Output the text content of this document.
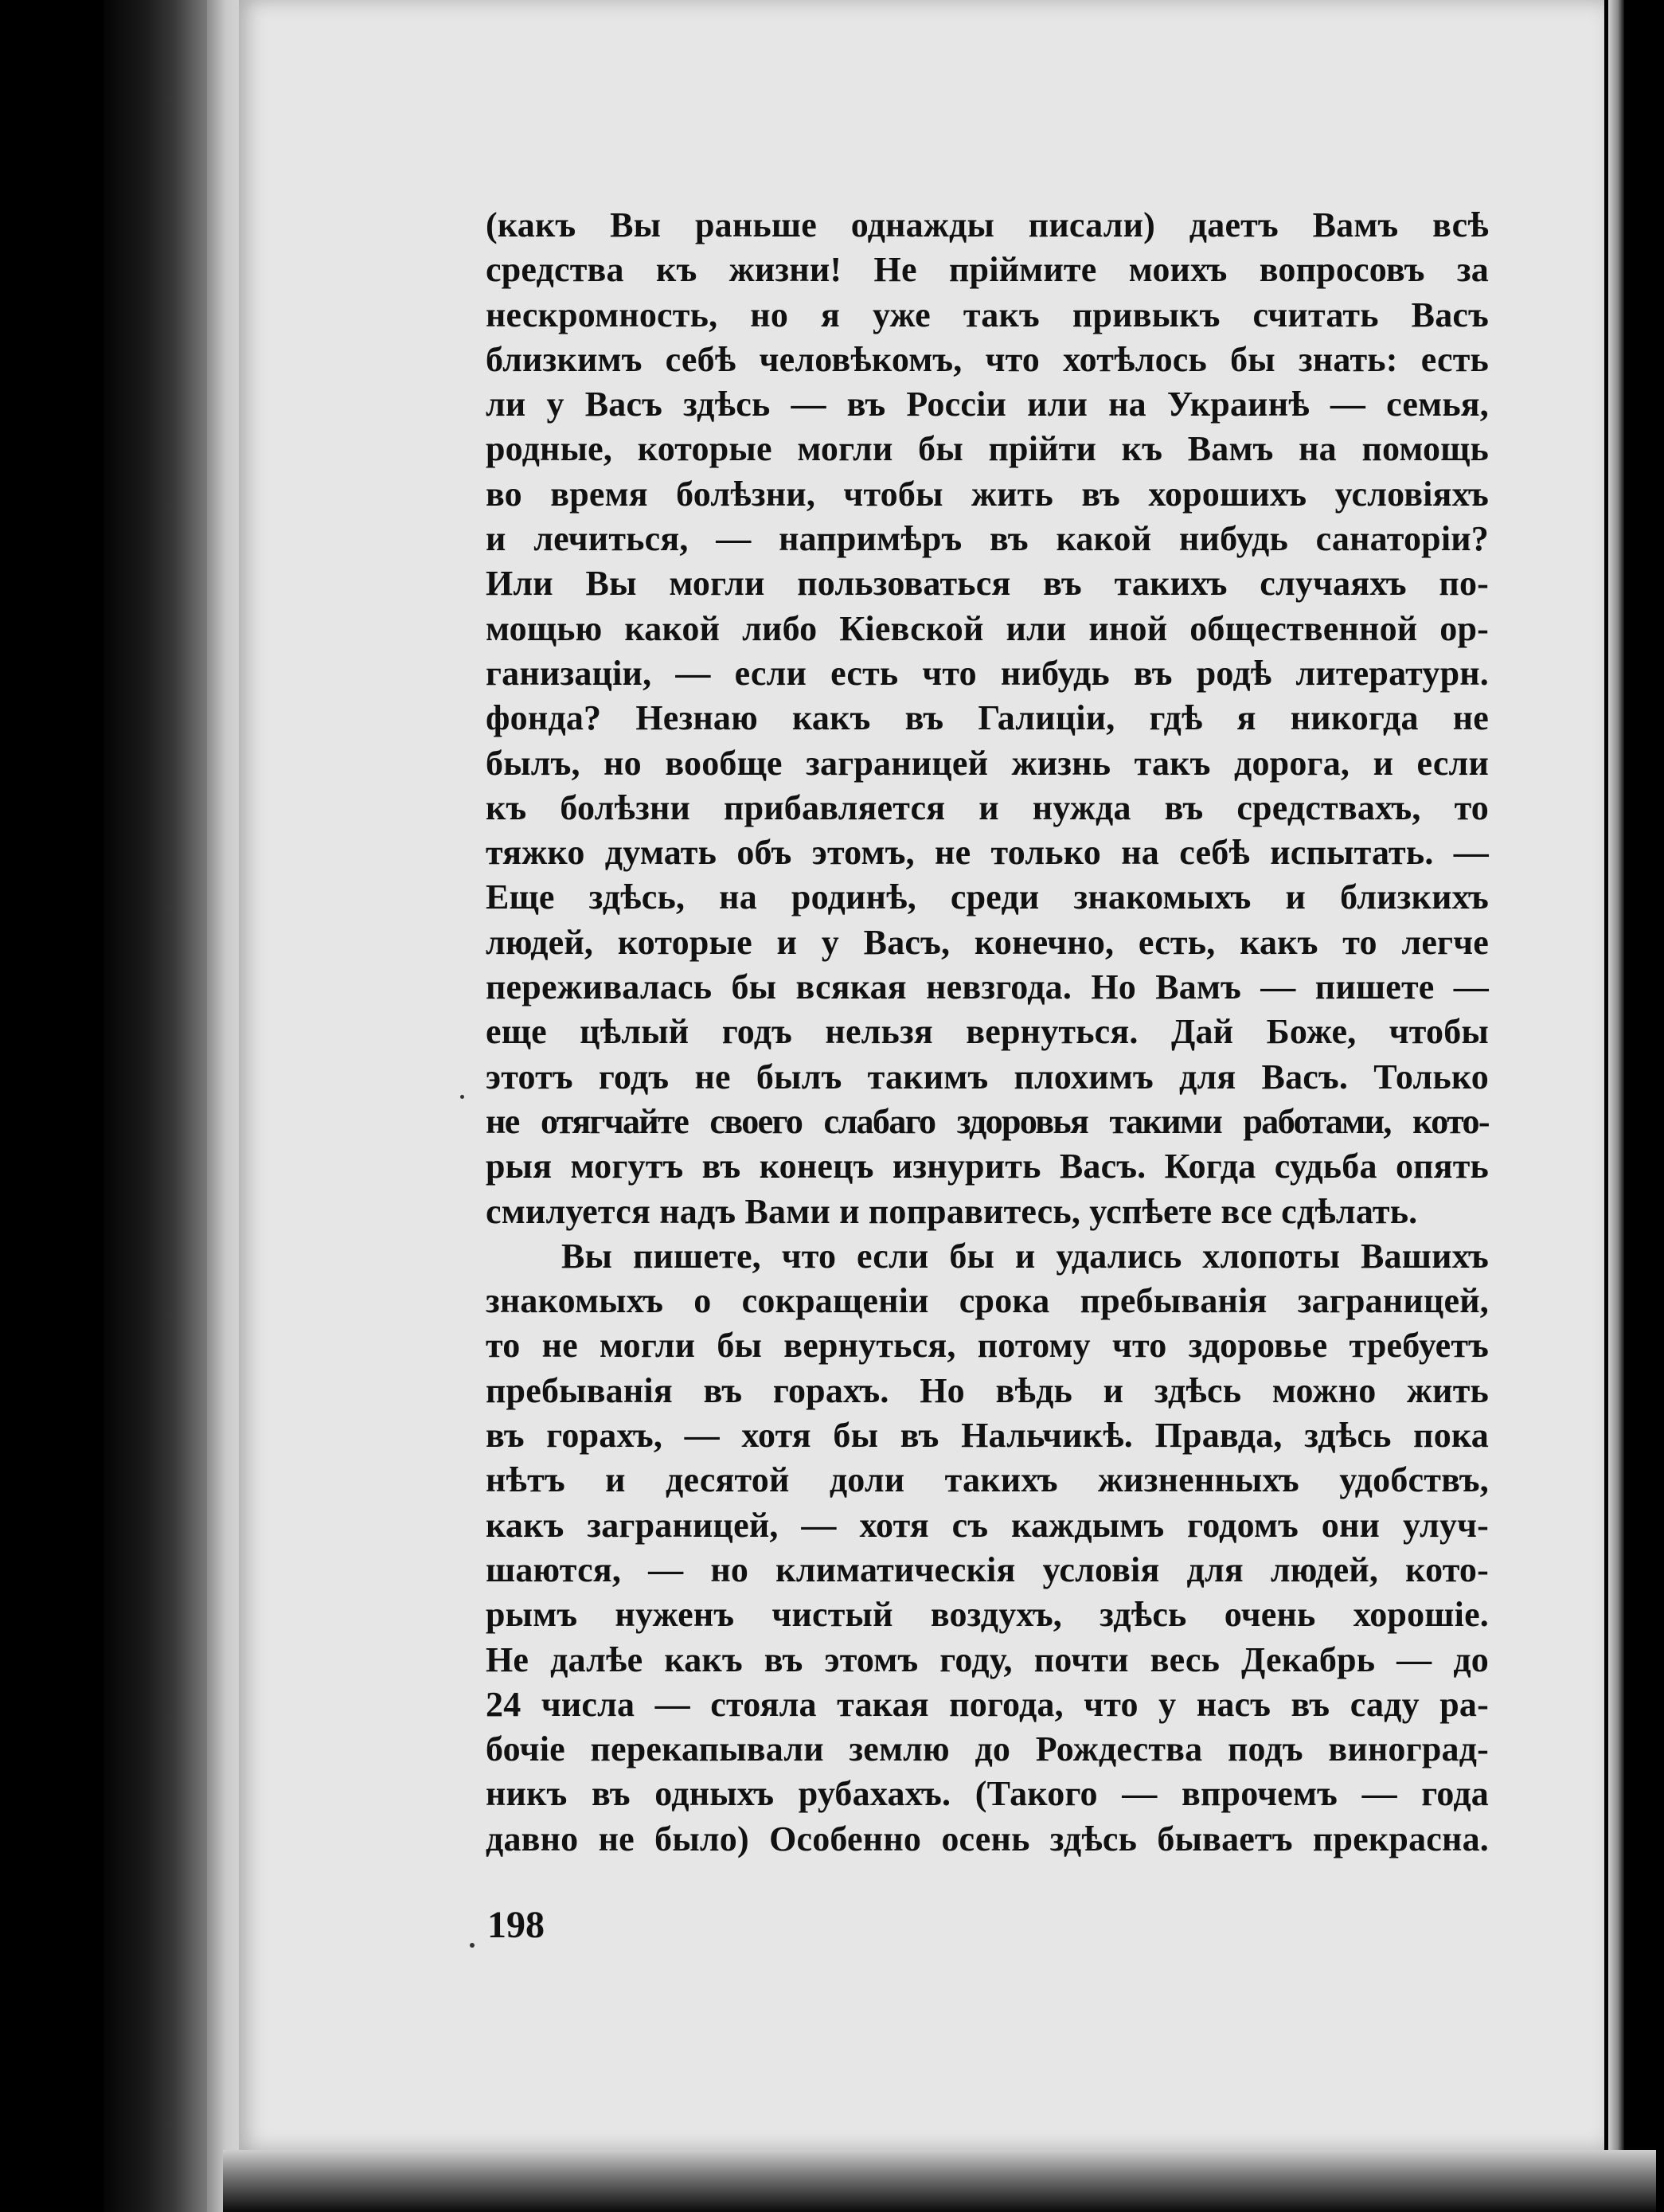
(какъ Вы раньше однажды писали) даетъ Вамъ всѣ
средства къ жизни! Не пріймите моихъ вопросовъ за
нескромность, но я уже такъ привыкъ считать Васъ
близкимъ себѣ человѣкомъ, что хотѣлось бы знать: есть
ли у Васъ здѣсь — въ Россіи или на Украинѣ — семья,
родные, которые могли бы прійти къ Вамъ на помощь
во время болѣзни, чтобы жить въ хорошихъ условіяхъ
и лечиться, — напримѣръ въ какой нибудь санаторіи?
Или Вы могли пользоваться въ такихъ случаяхъ по-
мощью какой либо Кіевской или иной общественной ор-
ганизаціи, — если есть что нибудь въ родѣ литературн.
фонда? Незнаю какъ въ Галиціи, гдѣ я никогда не
былъ, но вообще заграницей жизнь такъ дорога, и если
къ болѣзни прибавляется и нужда въ средствахъ, то
тяжко думать объ этомъ, не только на себѣ испытать. —
Еще здѣсь, на родинѣ, среди знакомыхъ и близкихъ
людей, которые и у Васъ, конечно, есть, какъ то легче
переживалась бы всякая невзгода. Но Вамъ — пишете —
еще цѣлый годъ нельзя вернуться. Дай Боже, чтобы
этотъ годъ не былъ такимъ плохимъ для Васъ. Только
не отягчайте своего слабаго здоровья такими работами, кото-
рыя могутъ въ конецъ изнурить Васъ. Когда судьба опять
смилуется надъ Вами и поправитесь, успѣете все сдѣлать.
Вы пишете, что если бы и удались хлопоты Вашихъ
знакомыхъ о сокращеніи срока пребыванія заграницей,
то не могли бы вернуться, потому что здоровье требуетъ
пребыванія въ горахъ. Но вѣдь и здѣсь можно жить
въ горахъ, — хотя бы въ Нальчикѣ. Правда, здѣсь пока
нѣтъ и десятой доли такихъ жизненныхъ удобствъ,
какъ заграницей, — хотя съ каждымъ годомъ они улуч-
шаются, — но климатическія условія для людей, кото-
рымъ нуженъ чистый воздухъ, здѣсь очень хорошіе.
Не далѣе какъ въ этомъ году, почти весь Декабрь — до
24 числа — стояла такая погода, что у насъ въ саду ра-
бочіе перекапывали землю до Рождества подъ виноград-
никъ въ одныхъ рубахахъ. (Такого — впрочемъ — года
давно не было) Особенно осень здѣсь бываетъ прекрасна.
198
